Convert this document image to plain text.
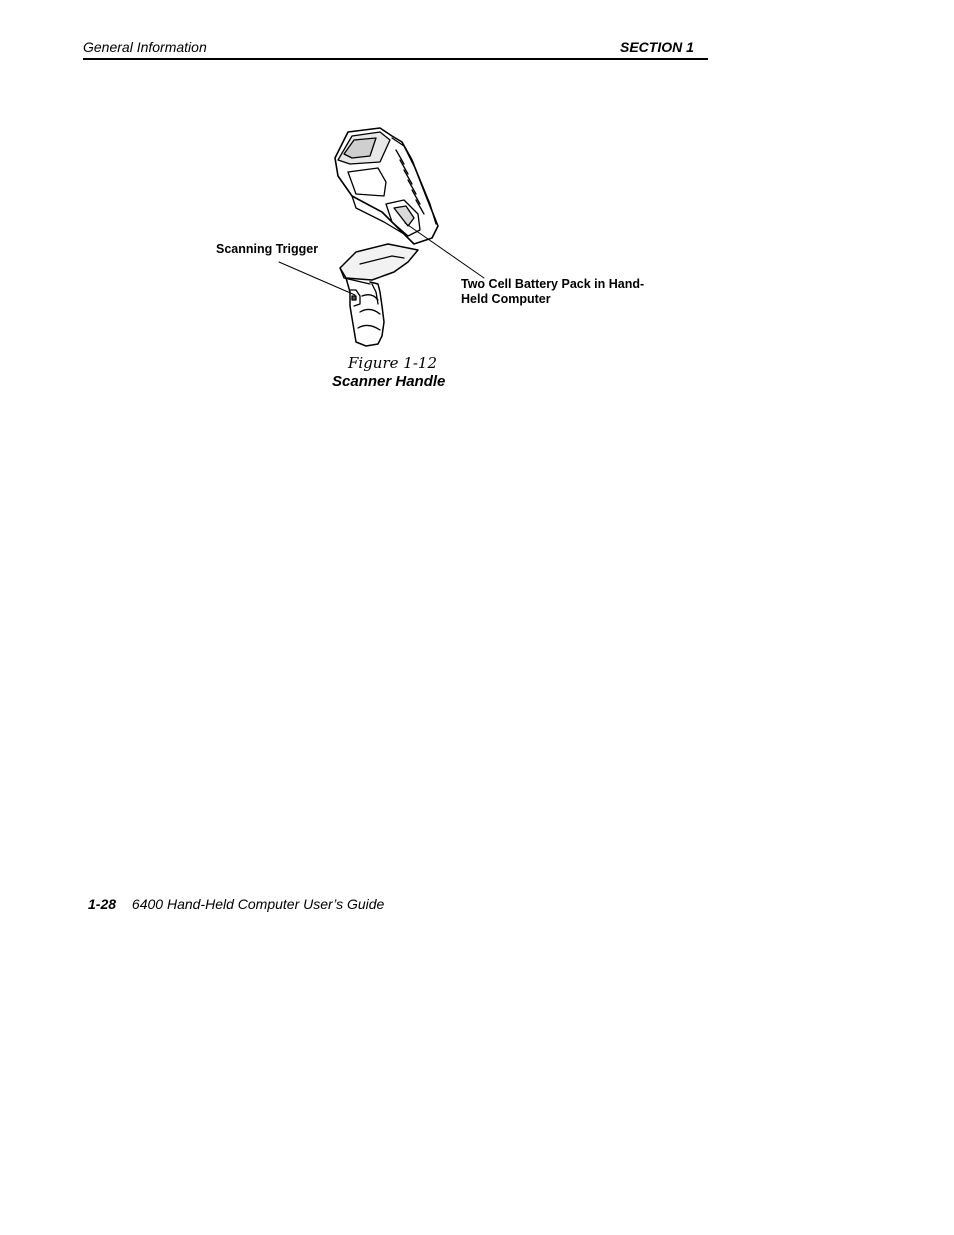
General Information	SECTION 1
Scanning Trigger
Two Cell Battery Pack in Hand-
Held Computer
Figure 1-12
Scanner Handle
1-28 6400 Hand-Held Computer User’s Guide
